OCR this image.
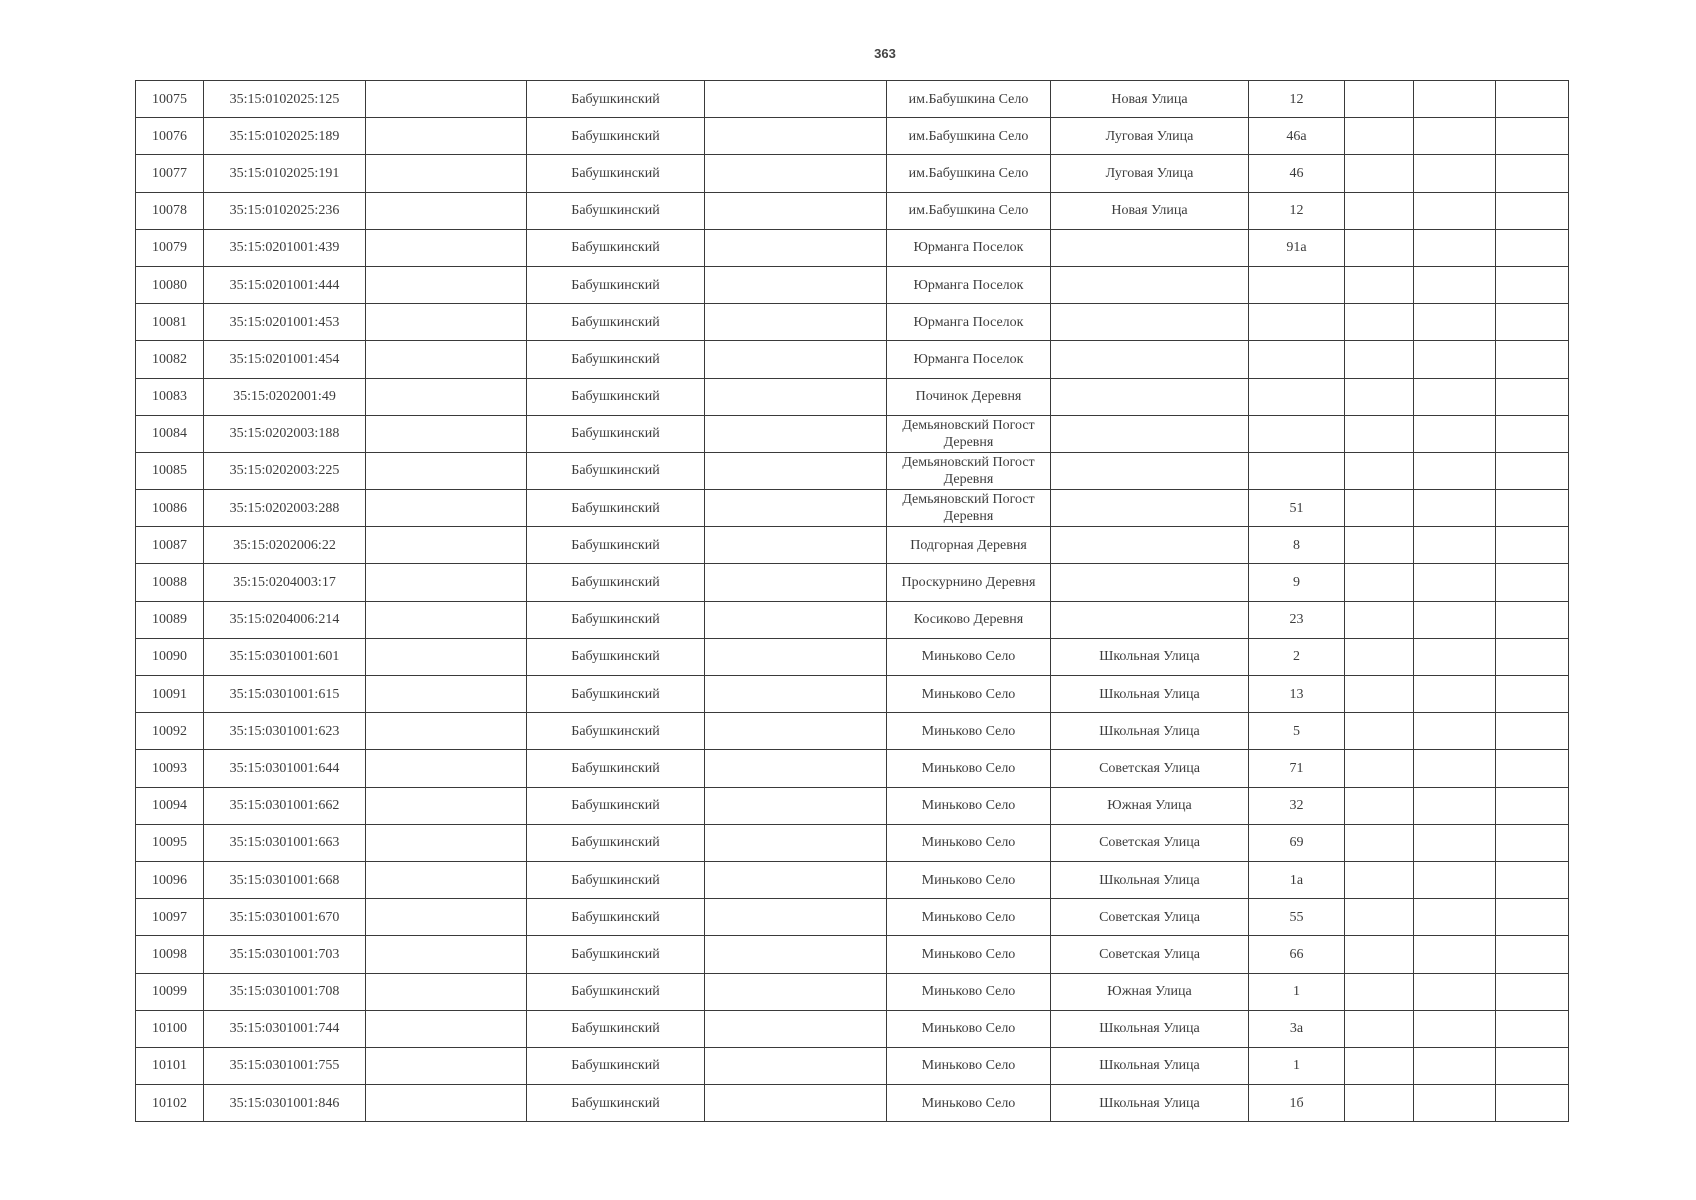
363
10075	35:15:0102025:125		Бабушкинский		им.Бабушкина Село	Новая Улица	12			
10076	35:15:0102025:189		Бабушкинский		им.Бабушкина Село	Луговая Улица	46а			
10077	35:15:0102025:191		Бабушкинский		им.Бабушкина Село	Луговая Улица	46			
10078	35:15:0102025:236		Бабушкинский		им.Бабушкина Село	Новая Улица	12			
10079	35:15:0201001:439		Бабушкинский		Юрманга Поселок		91а			
10080	35:15:0201001:444		Бабушкинский		Юрманга Поселок					
10081	35:15:0201001:453		Бабушкинский		Юрманга Поселок					
10082	35:15:0201001:454		Бабушкинский		Юрманга Поселок					
10083	35:15:0202001:49		Бабушкинский		Починок Деревня					
10084	35:15:0202003:188		Бабушкинский		Демьяновский Погост Деревня					
10085	35:15:0202003:225		Бабушкинский		Демьяновский Погост Деревня					
10086	35:15:0202003:288		Бабушкинский		Демьяновский Погост Деревня		51			
10087	35:15:0202006:22		Бабушкинский		Подгорная Деревня		8			
10088	35:15:0204003:17		Бабушкинский		Проскурнино Деревня		9			
10089	35:15:0204006:214		Бабушкинский		Косиково Деревня		23			
10090	35:15:0301001:601		Бабушкинский		Миньково Село	Школьная Улица	2			
10091	35:15:0301001:615		Бабушкинский		Миньково Село	Школьная Улица	13			
10092	35:15:0301001:623		Бабушкинский		Миньково Село	Школьная Улица	5			
10093	35:15:0301001:644		Бабушкинский		Миньково Село	Советская Улица	71			
10094	35:15:0301001:662		Бабушкинский		Миньково Село	Южная Улица	32			
10095	35:15:0301001:663		Бабушкинский		Миньково Село	Советская Улица	69			
10096	35:15:0301001:668		Бабушкинский		Миньково Село	Школьная Улица	1а			
10097	35:15:0301001:670		Бабушкинский		Миньково Село	Советская Улица	55			
10098	35:15:0301001:703		Бабушкинский		Миньково Село	Советская Улица	66			
10099	35:15:0301001:708		Бабушкинский		Миньково Село	Южная Улица	1			
10100	35:15:0301001:744		Бабушкинский		Миньково Село	Школьная Улица	3а			
10101	35:15:0301001:755		Бабушкинский		Миньково Село	Школьная Улица	1			
10102	35:15:0301001:846		Бабушкинский		Миньково Село	Школьная Улица	1б			
